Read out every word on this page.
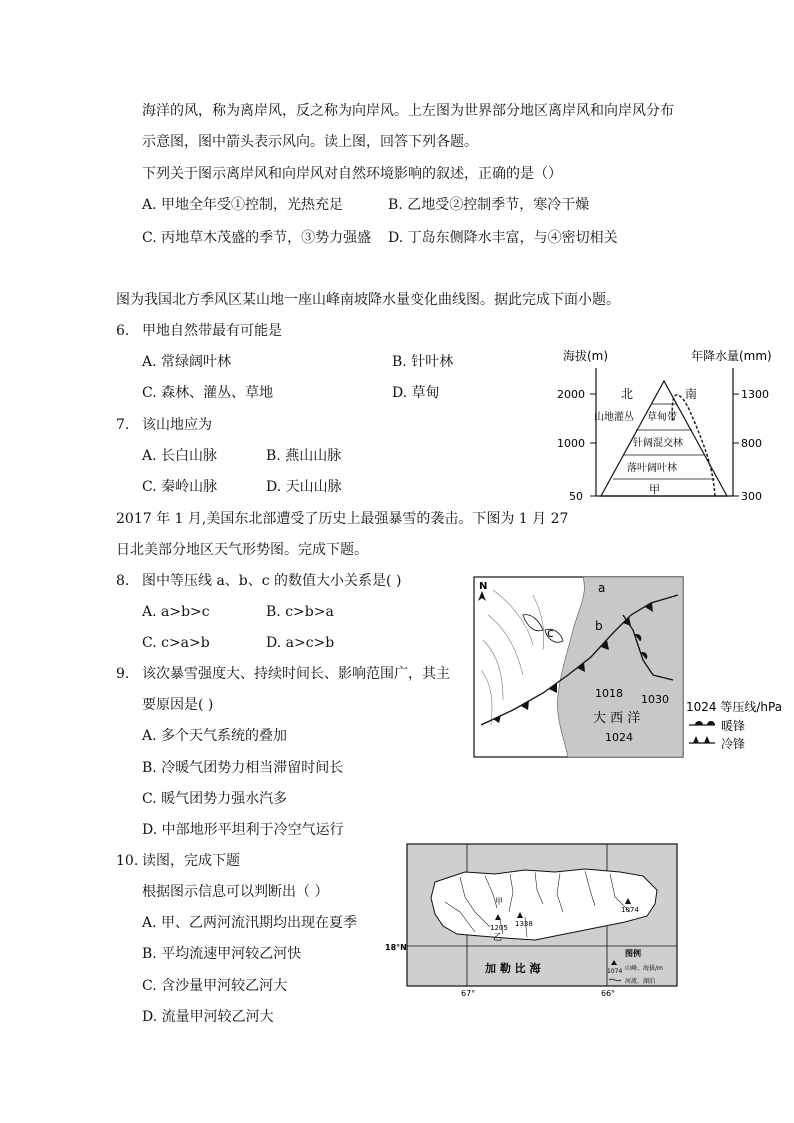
海洋的风，称为离岸风，反之称为向岸风。上左图为世界部分地区离岸风和向岸风分布
示意图，图中箭头表示风向。读上图，回答下列各题。
下列关于图示离岸风和向岸风对自然环境影响的叙述，正确的是（）
A. 甲地全年受①控制，光热充足	B. 乙地受②控制季节，寒冷干燥
C. 丙地草木茂盛的季节，③势力强盛 D. 丁岛东侧降水丰富，与④密切相关
图为我国北方季风区某山地一座山峰南坡降水量变化曲线图。据此完成下面小题。
6. 甲地自然带最有可能是
A. 常绿阔叶林	B. 针叶林
C. 森林、灌丛、草地	D. 草甸
7. 该山地应为
A. 长白山脉	B. 燕山山脉
C. 秦岭山脉	D. 天山山脉
海拔(m)	年降水量(mm)
2000
1000
50
1300
800
300
北	南
山地灌丛 草甸带
针阔混交林
落叶阔叶林
甲
2017 年 1 月,美国东北部遭受了历史上最强暴雪的袭击。下图为 1 月 27
日北美部分地区天气形势图。完成下题。
8. 图中等压线 a、b、c 的数值大小关系是( )
A. a>b>c	B. c>b>a
C. c>a>b	D. a>c>b
9. 该次暴雪强度大、持续时间长、影响范围广，其主
要原因是( )
A. 多个天气系统的叠加
B. 冷暖气团势力相当滞留时间长
C. 暖气团势力强水汽多
D. 中部地形平坦利于冷空气运行
N	a
b
c
1018 1030
1024
大 西 洋
1024 等压线/hPa
暖锋
冷锋
10. 读图，完成下题
根据图示信息可以判断出（ ）
A. 甲、乙两河流汛期均出现在夏季
B. 平均流速甲河较乙河快
C. 含沙量甲河较乙河大
D. 流量甲河较乙河大
甲
乙
1205 1338
1074
18°N
67°	66°
加 勒 比 海
图例
1074 山峰、海拔/m
河流、湖泊
